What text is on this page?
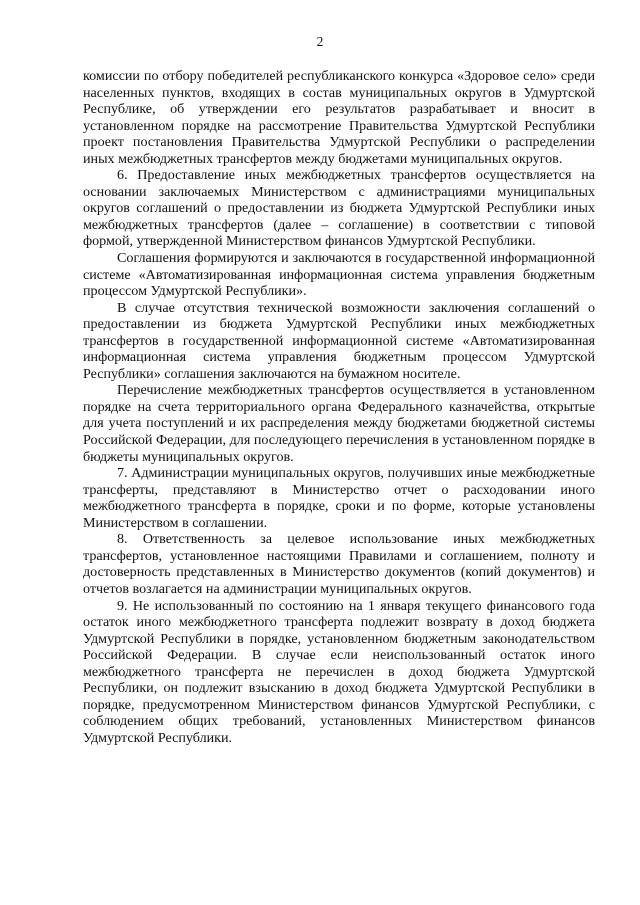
2

комиссии по отбору победителей республиканского конкурса «Здоровое село» среди населенных пунктов, входящих в состав муниципальных округов в Удмуртской Республике, об утверждении его результатов разрабатывает и вносит в установленном порядке на рассмотрение Правительства Удмуртской Республики проект постановления Правительства Удмуртской Республики о распределении иных межбюджетных трансфертов между бюджетами муниципальных округов.

6. Предоставление иных межбюджетных трансфертов осуществляется на основании заключаемых Министерством с администрациями муниципальных округов соглашений о предоставлении из бюджета Удмуртской Республики иных межбюджетных трансфертов (далее – соглашение) в соответствии с типовой формой, утвержденной Министерством финансов Удмуртской Республики.

Соглашения формируются и заключаются в государственной информационной системе «Автоматизированная информационная система управления бюджетным процессом Удмуртской Республики».

В случае отсутствия технической возможности заключения соглашений о предоставлении из бюджета Удмуртской Республики иных межбюджетных трансфертов в государственной информационной системе «Автоматизированная информационная система управления бюджетным процессом Удмуртской Республики» соглашения заключаются на бумажном носителе.

Перечисление межбюджетных трансфертов осуществляется в установленном порядке на счета территориального органа Федерального казначейства, открытые для учета поступлений и их распределения между бюджетами бюджетной системы Российской Федерации, для последующего перечисления в установленном порядке в бюджеты муниципальных округов.

7. Администрации муниципальных округов, получивших иные межбюджетные трансферты, представляют в Министерство отчет о расходовании иного межбюджетного трансферта в порядке, сроки и по форме, которые установлены Министерством в соглашении.

8. Ответственность за целевое использование иных межбюджетных трансфертов, установленное настоящими Правилами и соглашением, полноту и достоверность представленных в Министерство документов (копий документов) и отчетов возлагается на администрации муниципальных округов.

9. Не использованный по состоянию на 1 января текущего финансового года остаток иного межбюджетного трансферта подлежит возврату в доход бюджета Удмуртской Республики в порядке, установленном бюджетным законодательством Российской Федерации. В случае если неиспользованный остаток иного межбюджетного трансферта не перечислен в доход бюджета Удмуртской Республики, он подлежит взысканию в доход бюджета Удмуртской Республики в порядке, предусмотренном Министерством финансов Удмуртской Республики, с соблюдением общих требований, установленных Министерством финансов Удмуртской Республики.
